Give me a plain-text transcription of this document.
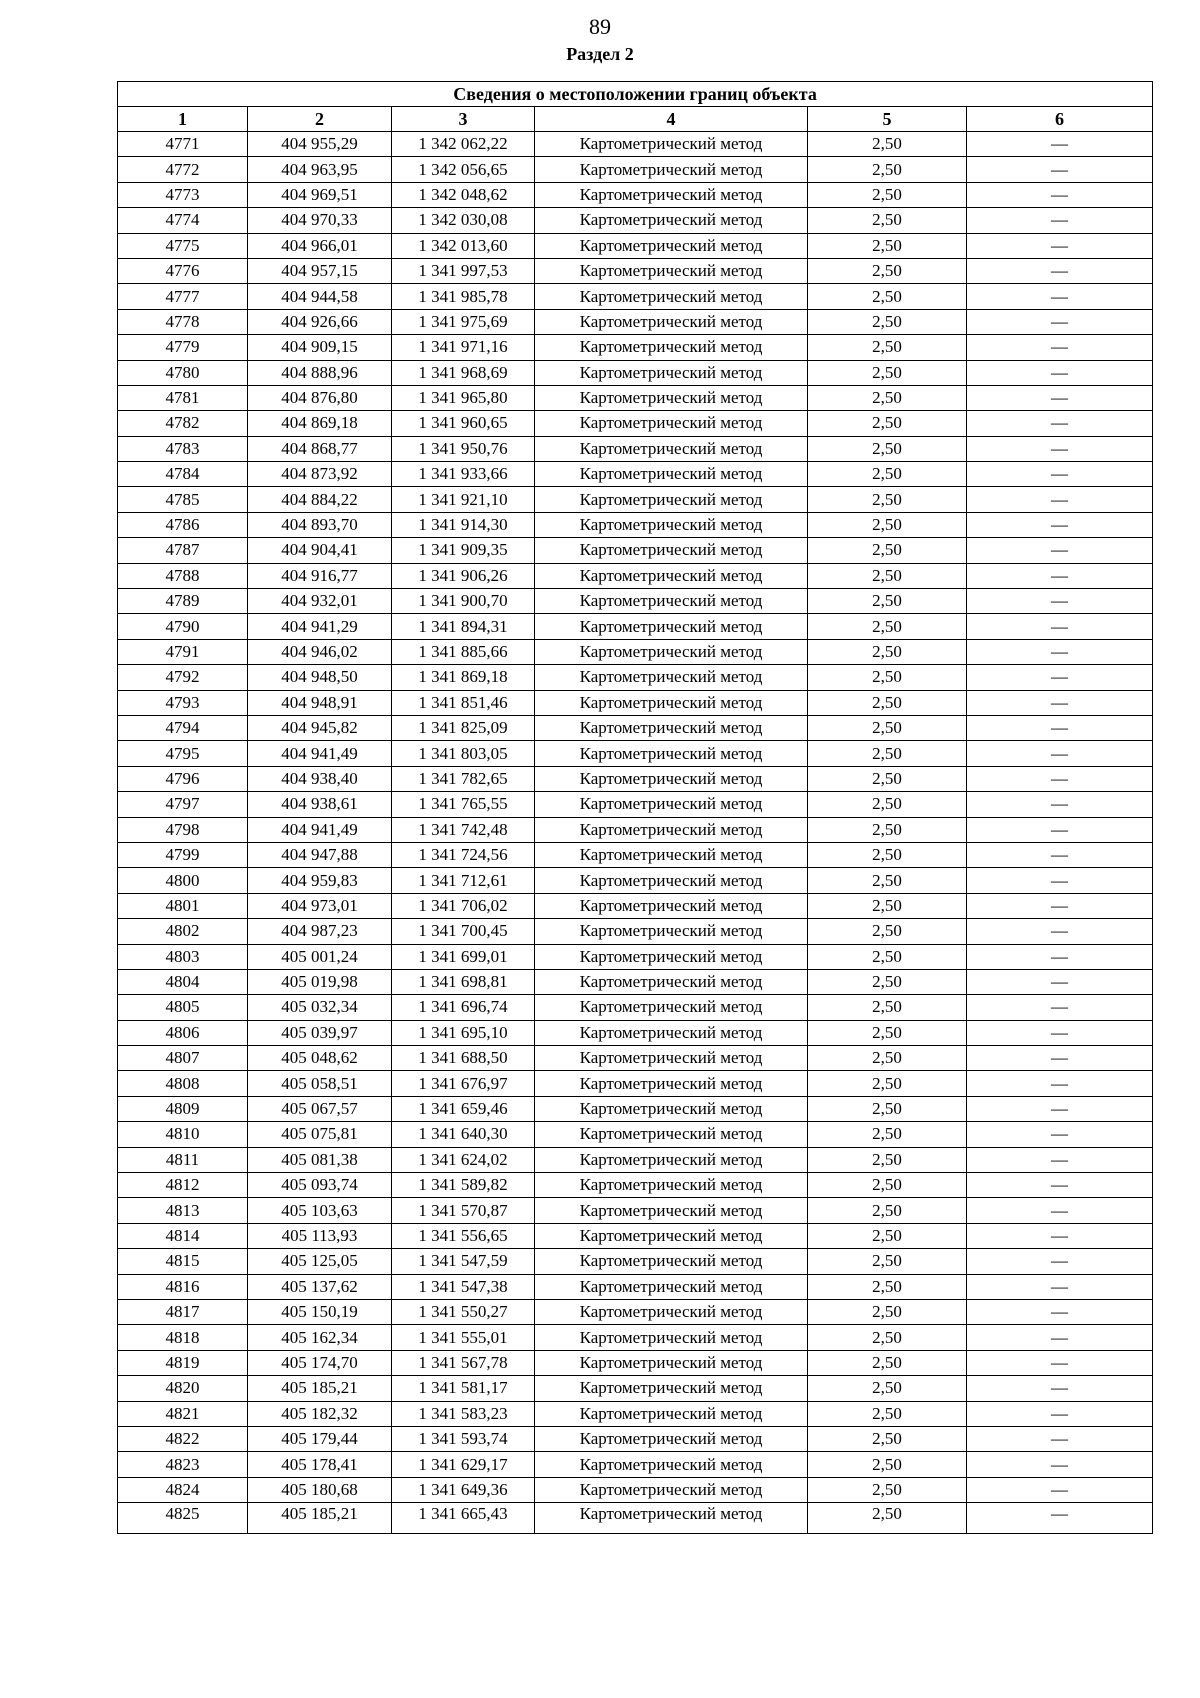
89
Раздел 2
Сведения о местоположении границ объекта					
1	2	3	4	5	6
4771	404 955,29	1 342 062,22	Картометрический метод	2,50	—
4772	404 963,95	1 342 056,65	Картометрический метод	2,50	—
4773	404 969,51	1 342 048,62	Картометрический метод	2,50	—
4774	404 970,33	1 342 030,08	Картометрический метод	2,50	—
4775	404 966,01	1 342 013,60	Картометрический метод	2,50	—
4776	404 957,15	1 341 997,53	Картометрический метод	2,50	—
4777	404 944,58	1 341 985,78	Картометрический метод	2,50	—
4778	404 926,66	1 341 975,69	Картометрический метод	2,50	—
4779	404 909,15	1 341 971,16	Картометрический метод	2,50	—
4780	404 888,96	1 341 968,69	Картометрический метод	2,50	—
4781	404 876,80	1 341 965,80	Картометрический метод	2,50	—
4782	404 869,18	1 341 960,65	Картометрический метод	2,50	—
4783	404 868,77	1 341 950,76	Картометрический метод	2,50	—
4784	404 873,92	1 341 933,66	Картометрический метод	2,50	—
4785	404 884,22	1 341 921,10	Картометрический метод	2,50	—
4786	404 893,70	1 341 914,30	Картометрический метод	2,50	—
4787	404 904,41	1 341 909,35	Картометрический метод	2,50	—
4788	404 916,77	1 341 906,26	Картометрический метод	2,50	—
4789	404 932,01	1 341 900,70	Картометрический метод	2,50	—
4790	404 941,29	1 341 894,31	Картометрический метод	2,50	—
4791	404 946,02	1 341 885,66	Картометрический метод	2,50	—
4792	404 948,50	1 341 869,18	Картометрический метод	2,50	—
4793	404 948,91	1 341 851,46	Картометрический метод	2,50	—
4794	404 945,82	1 341 825,09	Картометрический метод	2,50	—
4795	404 941,49	1 341 803,05	Картометрический метод	2,50	—
4796	404 938,40	1 341 782,65	Картометрический метод	2,50	—
4797	404 938,61	1 341 765,55	Картометрический метод	2,50	—
4798	404 941,49	1 341 742,48	Картометрический метод	2,50	—
4799	404 947,88	1 341 724,56	Картометрический метод	2,50	—
4800	404 959,83	1 341 712,61	Картометрический метод	2,50	—
4801	404 973,01	1 341 706,02	Картометрический метод	2,50	—
4802	404 987,23	1 341 700,45	Картометрический метод	2,50	—
4803	405 001,24	1 341 699,01	Картометрический метод	2,50	—
4804	405 019,98	1 341 698,81	Картометрический метод	2,50	—
4805	405 032,34	1 341 696,74	Картометрический метод	2,50	—
4806	405 039,97	1 341 695,10	Картометрический метод	2,50	—
4807	405 048,62	1 341 688,50	Картометрический метод	2,50	—
4808	405 058,51	1 341 676,97	Картометрический метод	2,50	—
4809	405 067,57	1 341 659,46	Картометрический метод	2,50	—
4810	405 075,81	1 341 640,30	Картометрический метод	2,50	—
4811	405 081,38	1 341 624,02	Картометрический метод	2,50	—
4812	405 093,74	1 341 589,82	Картометрический метод	2,50	—
4813	405 103,63	1 341 570,87	Картометрический метод	2,50	—
4814	405 113,93	1 341 556,65	Картометрический метод	2,50	—
4815	405 125,05	1 341 547,59	Картометрический метод	2,50	—
4816	405 137,62	1 341 547,38	Картометрический метод	2,50	—
4817	405 150,19	1 341 550,27	Картометрический метод	2,50	—
4818	405 162,34	1 341 555,01	Картометрический метод	2,50	—
4819	405 174,70	1 341 567,78	Картометрический метод	2,50	—
4820	405 185,21	1 341 581,17	Картометрический метод	2,50	—
4821	405 182,32	1 341 583,23	Картометрический метод	2,50	—
4822	405 179,44	1 341 593,74	Картометрический метод	2,50	—
4823	405 178,41	1 341 629,17	Картометрический метод	2,50	—
4824	405 180,68	1 341 649,36	Картометрический метод	2,50	—
4825	405 185,21	1 341 665,43	Картометрический метод	2,50	—
